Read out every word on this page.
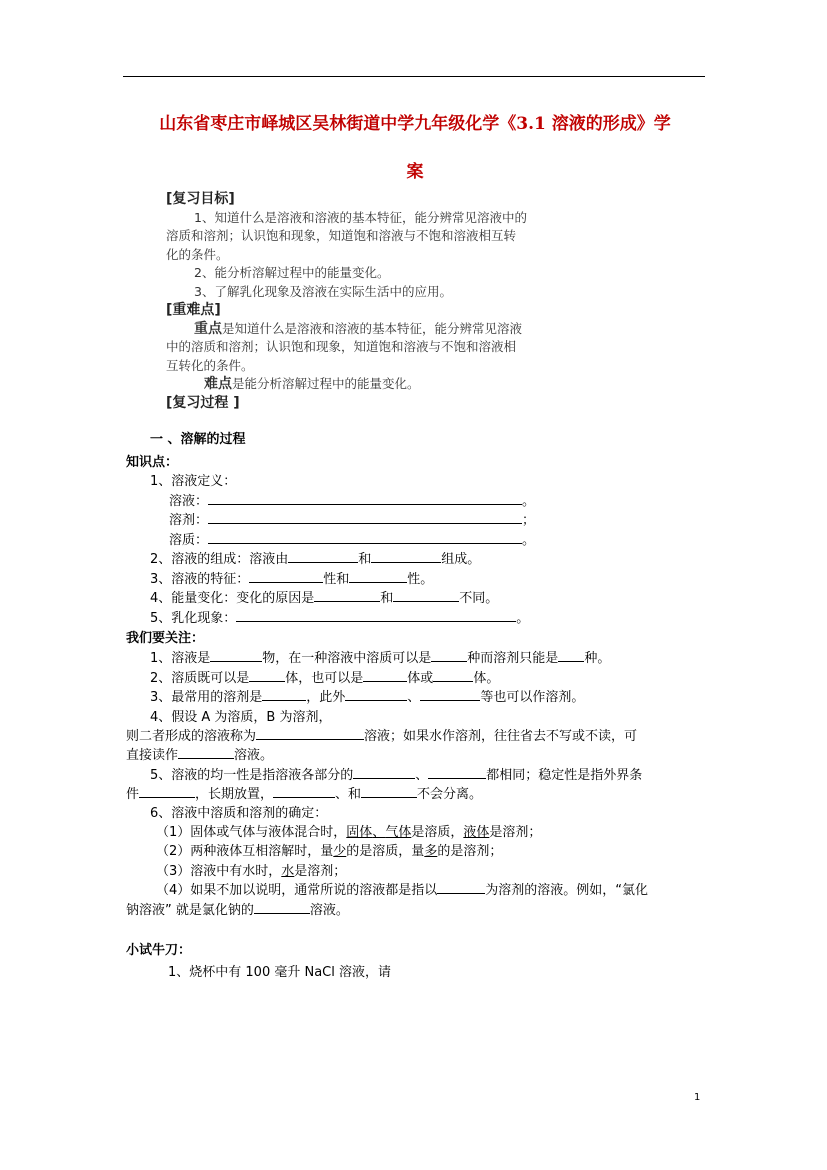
山东省枣庄市峄城区吴林街道中学九年级化学《3.1 溶液的形成》学
案
[复习目标]
1、知道什么是溶液和溶液的基本特征，能分辨常见溶液中的
溶质和溶剂；认识饱和现象，知道饱和溶液与不饱和溶液相互转
化的条件。
2、能分析溶解过程中的能量变化。
3、了解乳化现象及溶液在实际生活中的应用。
[重难点]
重点是知道什么是溶液和溶液的基本特征，能分辨常见溶液
中的溶质和溶剂；认识饱和现象，知道饱和溶液与不饱和溶液相
互转化的条件。
难点是能分析溶解过程中的能量变化。
[复习过程 ]
一 、溶解的过程
知识点：
1、溶液定义：
溶液：	。
溶剂：	；
溶质：	。
2、溶液的组成：溶液由	和	组成。
3、溶液的特征：	性和	性。
4、能量变化：变化的原因是	和	不同。
5、乳化现象：	。
我们要关注：
1、溶液是	物，在一种溶液中溶质可以是	种而溶剂只能是 种。
2、溶质既可以是	体，也可以是	体或	体。
3、最常用的溶剂是	，此外	、	等也可以作溶剂。
4、假设 A 为溶质，B 为溶剂，
则二者形成的溶液称为	溶液；如果水作溶剂，往往省去不写或不读，可
直接读作	溶液。
5、溶液的均一性是指溶液各部分的	、	都相同；稳定性是指外界条
件	，长期放置，	、和	不会分离。
6、溶液中溶质和溶剂的确定：
（1）固体或气体与液体混合时，固体、气体是溶质，液体是溶剂；
（2）两种液体互相溶解时，量少的是溶质，量多的是溶剂；
（3）溶液中有水时，水是溶剂；
（4）如果不加以说明，通常所说的溶液都是指以	为溶剂的溶液。例如，“氯化
钠溶液” 就是氯化钠的	溶液。
小试牛刀：
1、烧杯中有 100 毫升 NaCl 溶液，请
1
